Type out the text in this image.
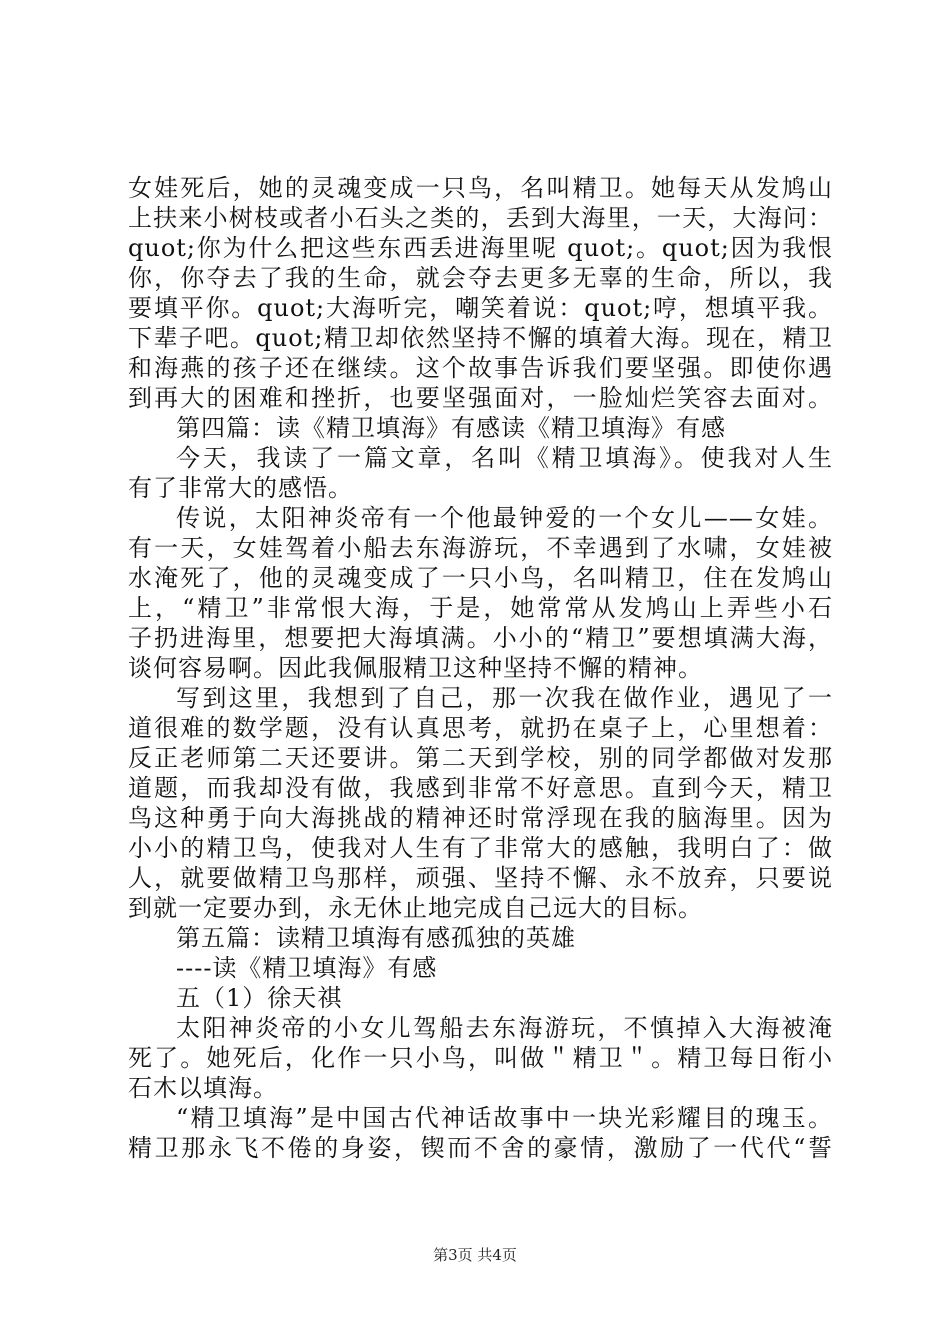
女娃死后，她的灵魂变成一只鸟，名叫精卫。她每天从发鸠山
上扶来小树枝或者小石头之类的，丢到大海里，一天，大海问：
quot;你为什么把这些东西丢进海里呢 quot;。quot;因为我恨
你，你夺去了我的生命，就会夺去更多无辜的生命，所以，我
要填平你。quot;大海听完，嘲笑着说：quot;哼，想填平我。
下辈子吧。quot;精卫却依然坚持不懈的填着大海。现在，精卫
和海燕的孩子还在继续。这个故事告诉我们要坚强。即使你遇
到再大的困难和挫折，也要坚强面对，一脸灿烂笑容去面对。
第四篇：读《精卫填海》有感读《精卫填海》有感
今天，我读了一篇文章，名叫《精卫填海》。使我对人生
有了非常大的感悟。
传说，太阳神炎帝有一个他最钟爱的一个女儿——女娃。
有一天，女娃驾着小船去东海游玩，不幸遇到了水啸，女娃被
水淹死了，他的灵魂变成了一只小鸟，名叫精卫，住在发鸠山
上，“精卫”非常恨大海，于是，她常常从发鸠山上弄些小石
子扔进海里，想要把大海填满。小小的“精卫”要想填满大海，
谈何容易啊。因此我佩服精卫这种坚持不懈的精神。
写到这里，我想到了自己，那一次我在做作业，遇见了一
道很难的数学题，没有认真思考，就扔在桌子上，心里想着：
反正老师第二天还要讲。第二天到学校，别的同学都做对发那
道题，而我却没有做，我感到非常不好意思。直到今天，精卫
鸟这种勇于向大海挑战的精神还时常浮现在我的脑海里。因为
小小的精卫鸟，使我对人生有了非常大的感触，我明白了：做
人，就要做精卫鸟那样，顽强、坚持不懈、永不放弃，只要说
到就一定要办到，永无休止地完成自己远大的目标。
第五篇：读精卫填海有感孤独的英雄
----读《精卫填海》有感
五（1）徐天祺
太阳神炎帝的小女儿驾船去东海游玩，不慎掉入大海被淹
死了。她死后，化作一只小鸟，叫做＂精卫＂。精卫每日衔小
石木以填海。
“精卫填海”是中国古代神话故事中一块光彩耀目的瑰玉。
精卫那永飞不倦的身姿，锲而不舍的豪情，激励了一代代“誓
第3页 共4页
